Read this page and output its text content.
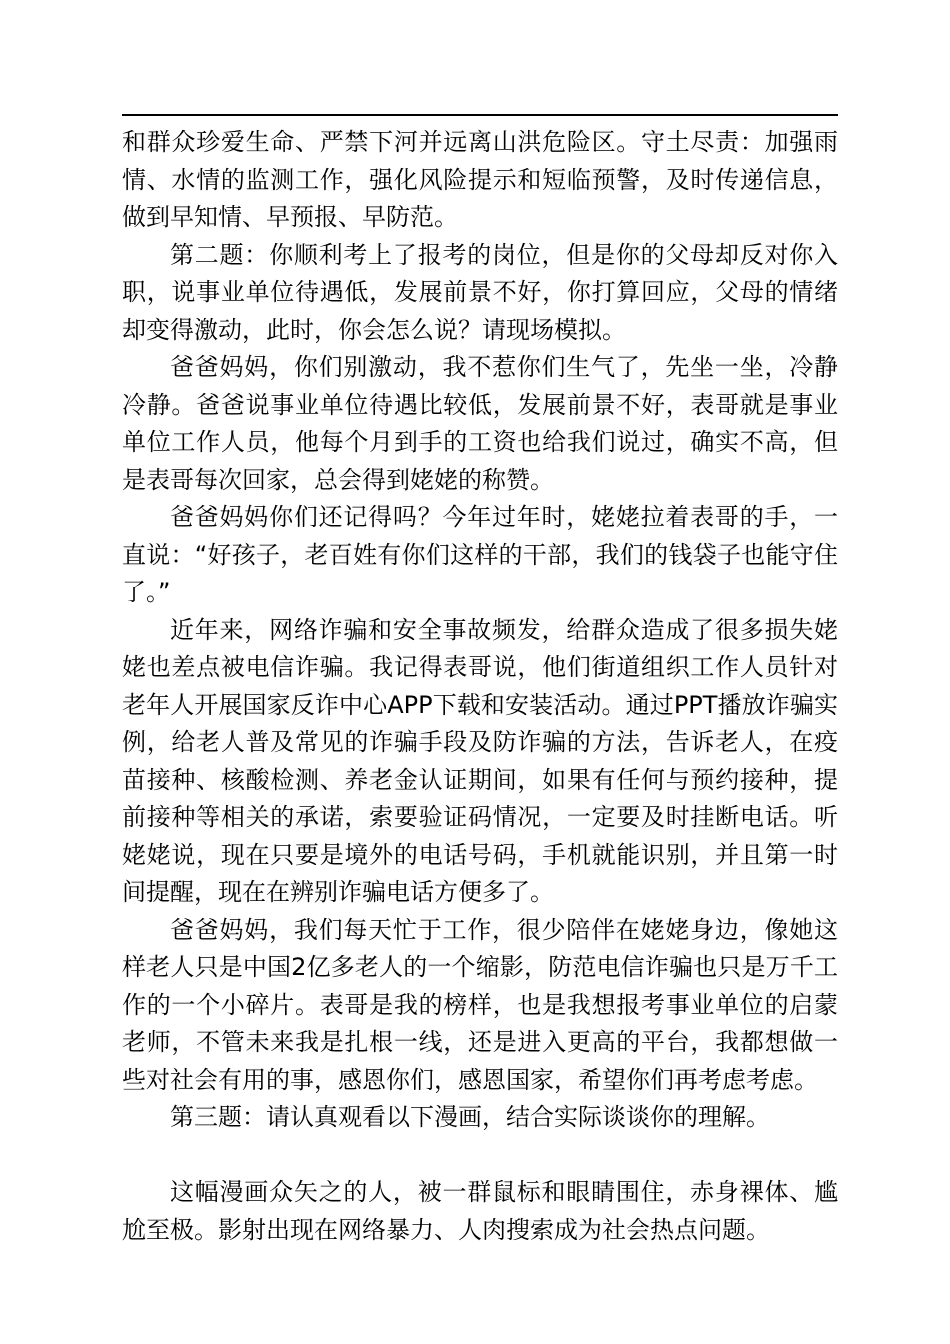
和群众珍爱生命、严禁下河并远离山洪危险区。守土尽责：加强雨情、水情的监测工作，强化风险提示和短临预警，及时传递信息，做到早知情、早预报、早防范。

第二题：你顺利考上了报考的岗位，但是你的父母却反对你入职，说事业单位待遇低，发展前景不好，你打算回应，父母的情绪却变得激动，此时，你会怎么说？请现场模拟。

爸爸妈妈，你们别激动，我不惹你们生气了，先坐一坐，冷静冷静。爸爸说事业单位待遇比较低，发展前景不好，表哥就是事业单位工作人员，他每个月到手的工资也给我们说过，确实不高，但是表哥每次回家，总会得到姥姥的称赞。

爸爸妈妈你们还记得吗？今年过年时，姥姥拉着表哥的手，一直说：“好孩子，老百姓有你们这样的干部，我们的钱袋子也能守住了。”

近年来，网络诈骗和安全事故频发，给群众造成了很多损失姥姥也差点被电信诈骗。我记得表哥说，他们街道组织工作人员针对老年人开展国家反诈中心APP下载和安装活动。通过PPT播放诈骗实例，给老人普及常见的诈骗手段及防诈骗的方法，告诉老人，在疫苗接种、核酸检测、养老金认证期间，如果有任何与预约接种，提前接种等相关的承诺，索要验证码情况，一定要及时挂断电话。听姥姥说，现在只要是境外的电话号码，手机就能识别，并且第一时间提醒，现在在辨别诈骗电话方便多了。

爸爸妈妈，我们每天忙于工作，很少陪伴在姥姥身边，像她这样老人只是中国2亿多老人的一个缩影，防范电信诈骗也只是万千工作的一个小碎片。表哥是我的榜样，也是我想报考事业单位的启蒙老师，不管未来我是扎根一线，还是进入更高的平台，我都想做一些对社会有用的事，感恩你们，感恩国家，希望你们再考虑考虑。

第三题：请认真观看以下漫画，结合实际谈谈你的理解。

这幅漫画众矢之的人，被一群鼠标和眼睛围住，赤身裸体、尴尬至极。影射出现在网络暴力、人肉搜索成为社会热点问题。
